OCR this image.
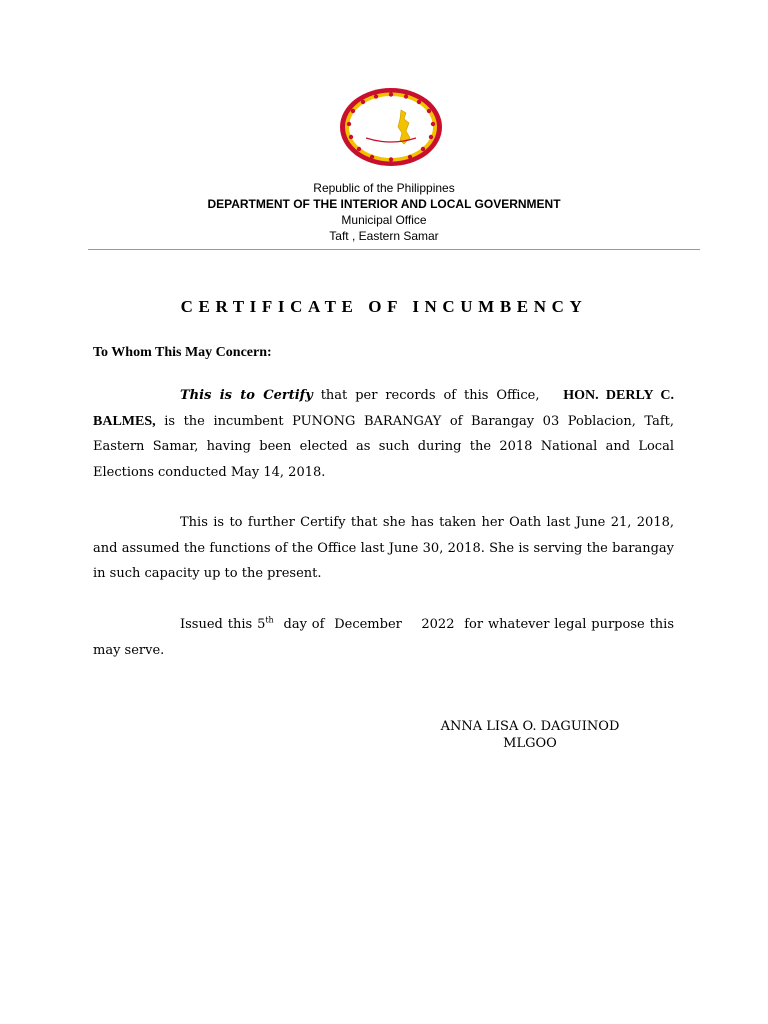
Republic of the Philippines
DEPARTMENT OF THE INTERIOR AND LOCAL GOVERNMENT
Municipal Office
Taft , Eastern Samar
CERTIFICATE OF INCUMBENCY
To Whom This May Concern:
This is to Certify that per records of this Office,   HON. DERLY C. BALMES, is the incumbent PUNONG BARANGAY of Barangay 03 Poblacion, Taft, Eastern Samar, having been elected as such during the 2018 National and Local Elections conducted May 14, 2018.
This is to further Certify that she has taken her Oath last June 21, 2018, and assumed the functions of the Office last June 30, 2018. She is serving the barangay in such capacity up to the present.
Issued this 5th  day of  December    2022  for whatever legal purpose this may serve.
ANNA LISA O. DAGUINOD
MLGOO
